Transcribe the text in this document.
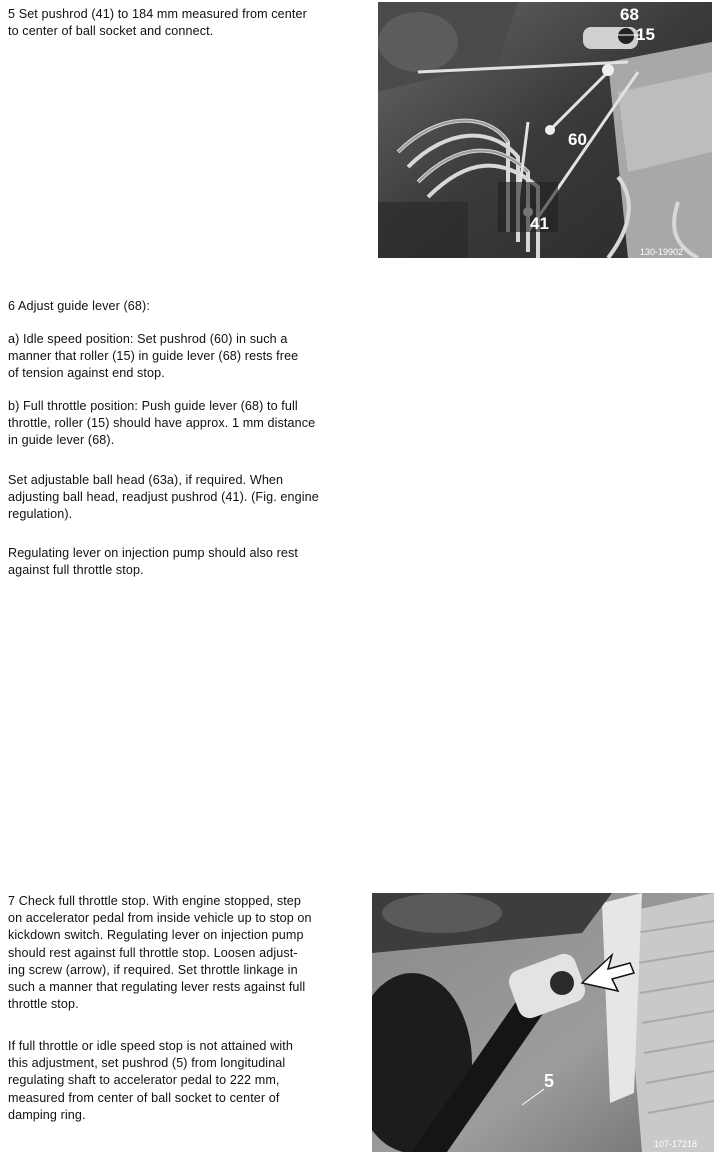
5 Set pushrod (41) to 184 mm measured from center
to center of ball socket and connect.
68
15
60
41
130-19902
6 Adjust guide lever (68):
a) Idle speed position: Set pushrod (60) in such a
manner that roller (15) in guide lever (68) rests free
of tension against end stop.
b) Full throttle position: Push guide lever (68) to full
throttle, roller (15) should have approx. 1 mm distance
in guide lever (68).
Set adjustable ball head (63a), if required. When
adjusting ball head, readjust pushrod (41). (Fig. engine
regulation).
Regulating lever on injection pump should also rest
against full throttle stop.
7 Check full throttle stop. With engine stopped, step
on accelerator pedal from inside vehicle up to stop on
kickdown switch. Regulating lever on injection pump
should rest against full throttle stop. Loosen adjust-
ing screw (arrow), if required. Set throttle linkage in
such a manner that regulating lever rests against full
throttle stop.
If full throttle or idle speed stop is not attained with
this adjustment, set pushrod (5) from longitudinal
regulating shaft to accelerator pedal to 222 mm,
measured from center of ball socket to center of
damping ring.
5
107-17218
